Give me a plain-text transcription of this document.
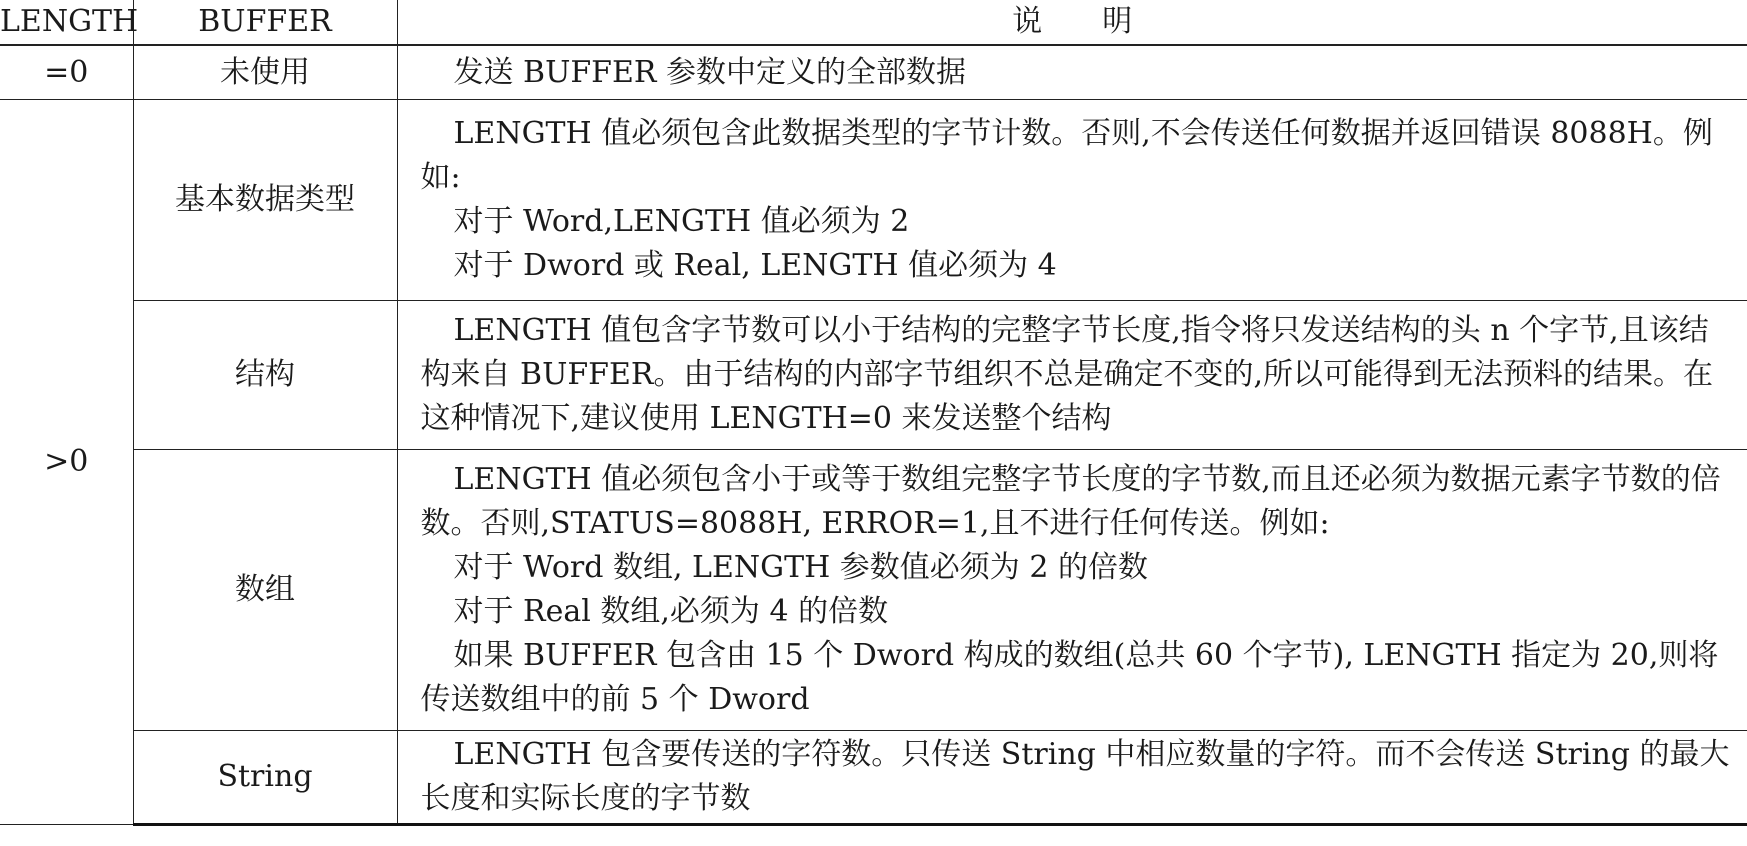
LENGTH	BUFFER	说　　明
=0	未使用	发送 BUFFER 参数中定义的全部数据

>0	基本数据类型	LENGTH 值必须包含此数据类型的字节计数。否则,不会传送任何数据并返回错误 8088H。例如:

对于 Word,LENGTH 值必须为 2

对于 Dword 或 Real, LENGTH 值必须为 4

	结构	LENGTH 值包含字节数可以小于结构的完整字节长度,指令将只发送结构的头 n 个字节,且该结构来自 BUFFER。由于结构的内部字节组织不总是确定不变的,所以可能得到无法预料的结果。在这种情况下,建议使用 LENGTH=0 来发送整个结构

	数组	LENGTH 值必须包含小于或等于数组完整字节长度的字节数,而且还必须为数据元素字节数的倍数。否则,STATUS=8088H, ERROR=1,且不进行任何传送。例如:

对于 Word 数组, LENGTH 参数值必须为 2 的倍数

对于 Real 数组,必须为 4 的倍数

如果 BUFFER 包含由 15 个 Dword 构成的数组(总共 60 个字节), LENGTH 指定为 20,则将传送数组中的前 5 个 Dword

	String	LENGTH 包含要传送的字符数。只传送 String 中相应数量的字符。而不会传送 String 的最大长度和实际长度的字节数
